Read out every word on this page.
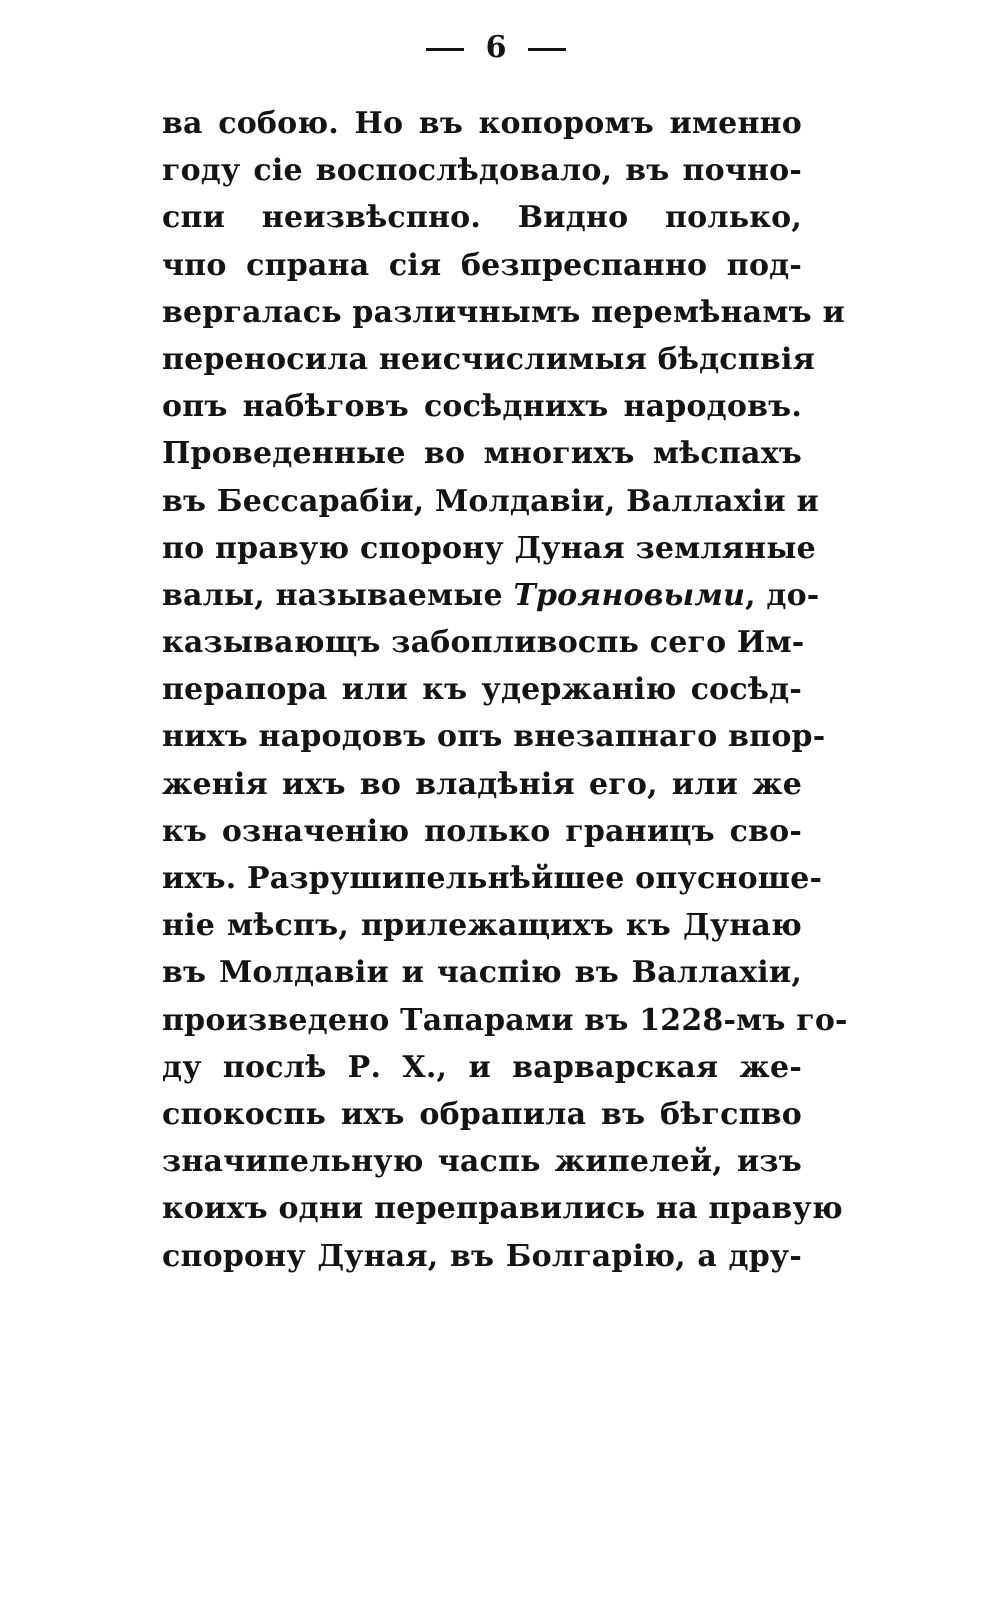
6
ва собою. Но въ копоромъ именно
году сіе воспослѣдовало, въ почно-
спи неизвѣспно. Видно полько,
чпо спрана сія безпреспанно под-
вергалась различнымъ перемѣнамъ и
переносила неисчислимыя бѣдспвія
опъ набѣговъ сосѣднихъ народовъ.
Проведенные во многихъ мѣспахъ
въ Бессарабіи, Молдавіи, Валлахіи и
по правую спорону Дуная земляные
валы, называемые Трояновыми, до-
казывающъ забопливоспь сего Им-
перапора или къ удержанію сосѣд-
нихъ народовъ опъ внезапнаго впор-
женія ихъ во владѣнія его, или же
къ означенію полько границъ сво-
ихъ. Разрушипельнѣйшее опусноше-
ніе мѣспъ, прилежащихъ къ Дунаю
въ Молдавіи и часпію въ Валлахіи,
произведено Тапарами въ 1228-мъ го-
ду послѣ Р. Х., и варварская же-
спокоспь ихъ обрапила въ бѣгспво
значипельную часпь жипелей, изъ
коихъ одни переправились на правую
спорону Дуная, въ Болгарію, а дру-
